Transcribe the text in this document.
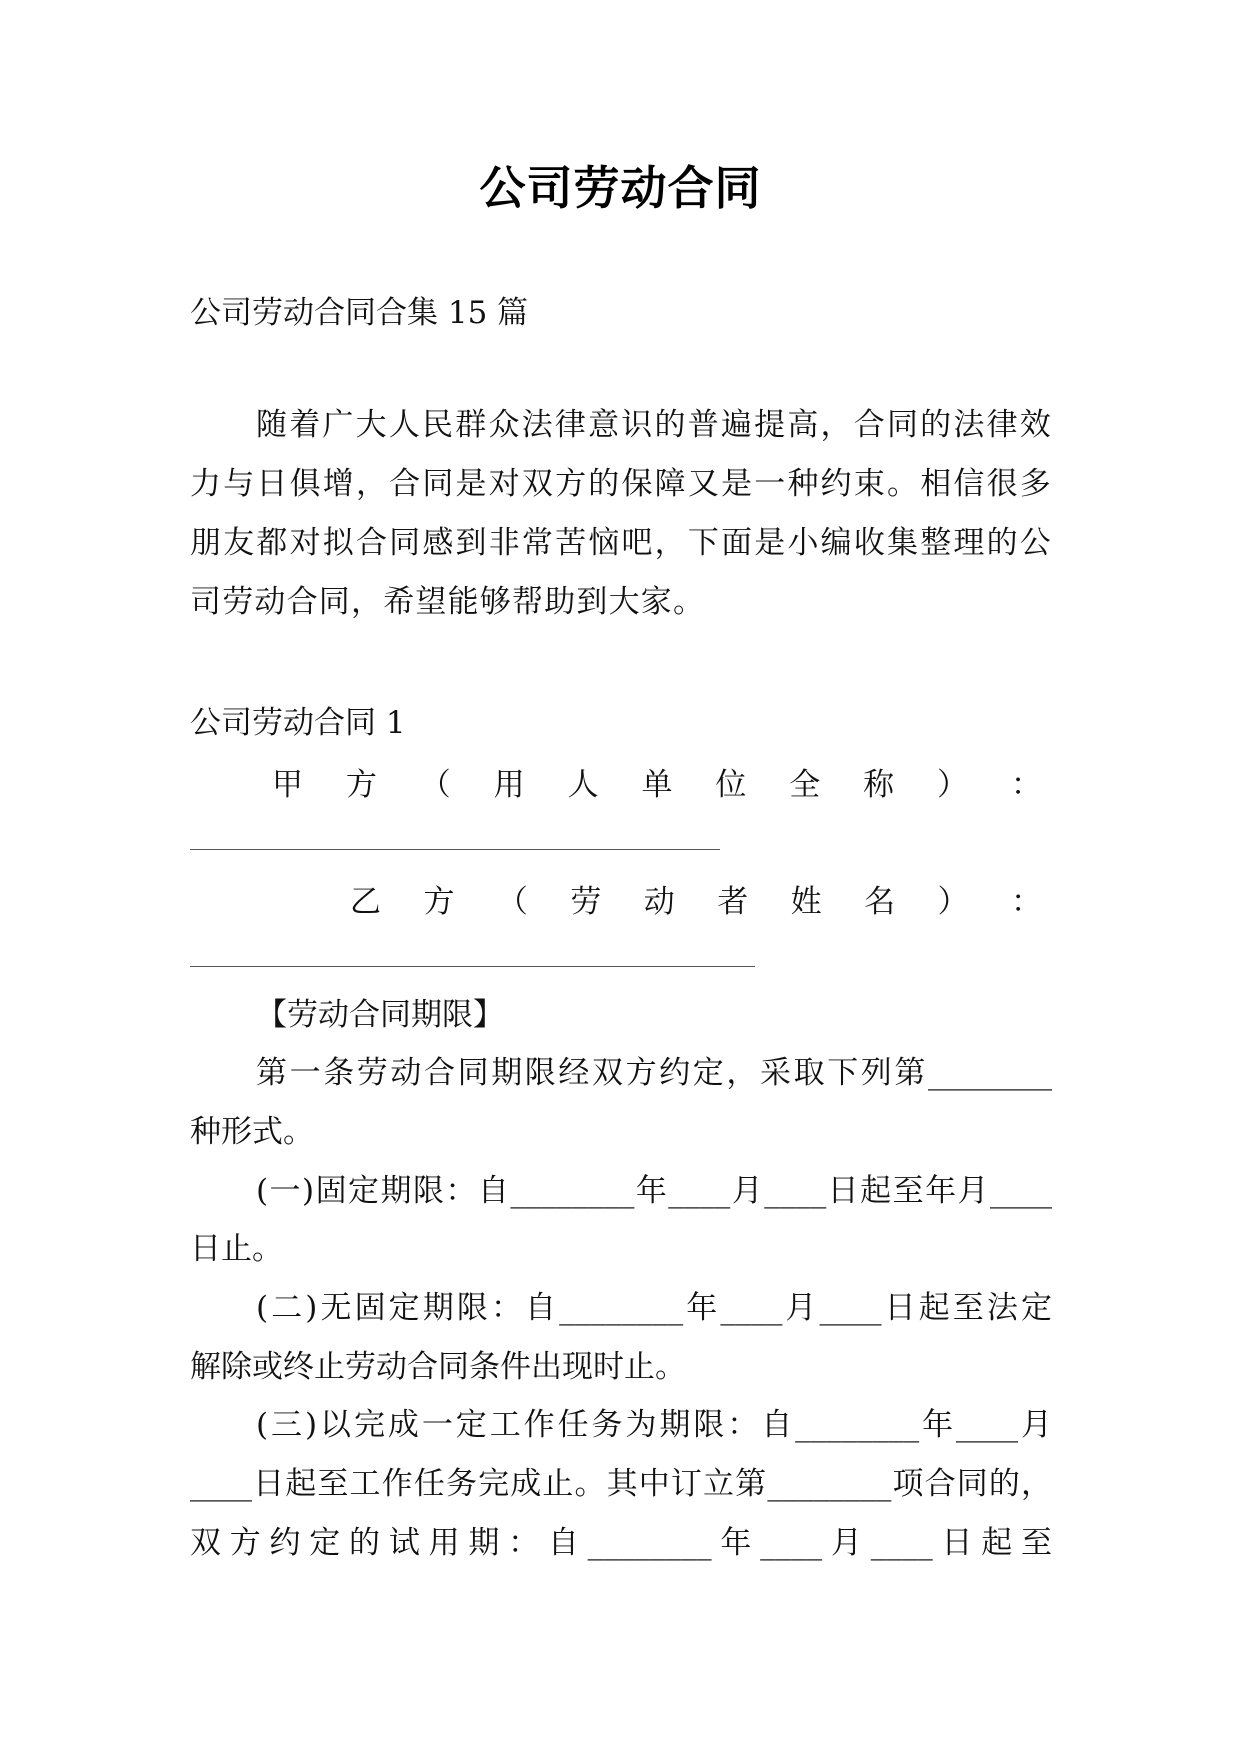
公司劳动合同
公司劳动合同合集 15 篇
随着广大人民群众法律意识的普遍提高，合同的法律效力与日俱增，合同是对双方的保障又是一种约束。相信很多朋友都对拟合同感到非常苦恼吧，下面是小编收集整理的公司劳动合同，希望能够帮助到大家。
公司劳动合同 1
甲 方 （ 用 人 单 位 全 称 ） ：
乙 方 （ 劳 动 者 姓 名 ） ：
【劳动合同期限】
第一条劳动合同期限经双方约定，采取下列第________
种形式。
(一)固定期限：自________年____月____日起至年月____
日止。
(二)无固定期限：自________年____月____日起至法定
解除或终止劳动合同条件出现时止。
(三)以完成一定工作任务为期限：自________年____月
____日起至工作任务完成止。其中订立第________项合同的，
双方约定的试用期：自________年____月____日起至
